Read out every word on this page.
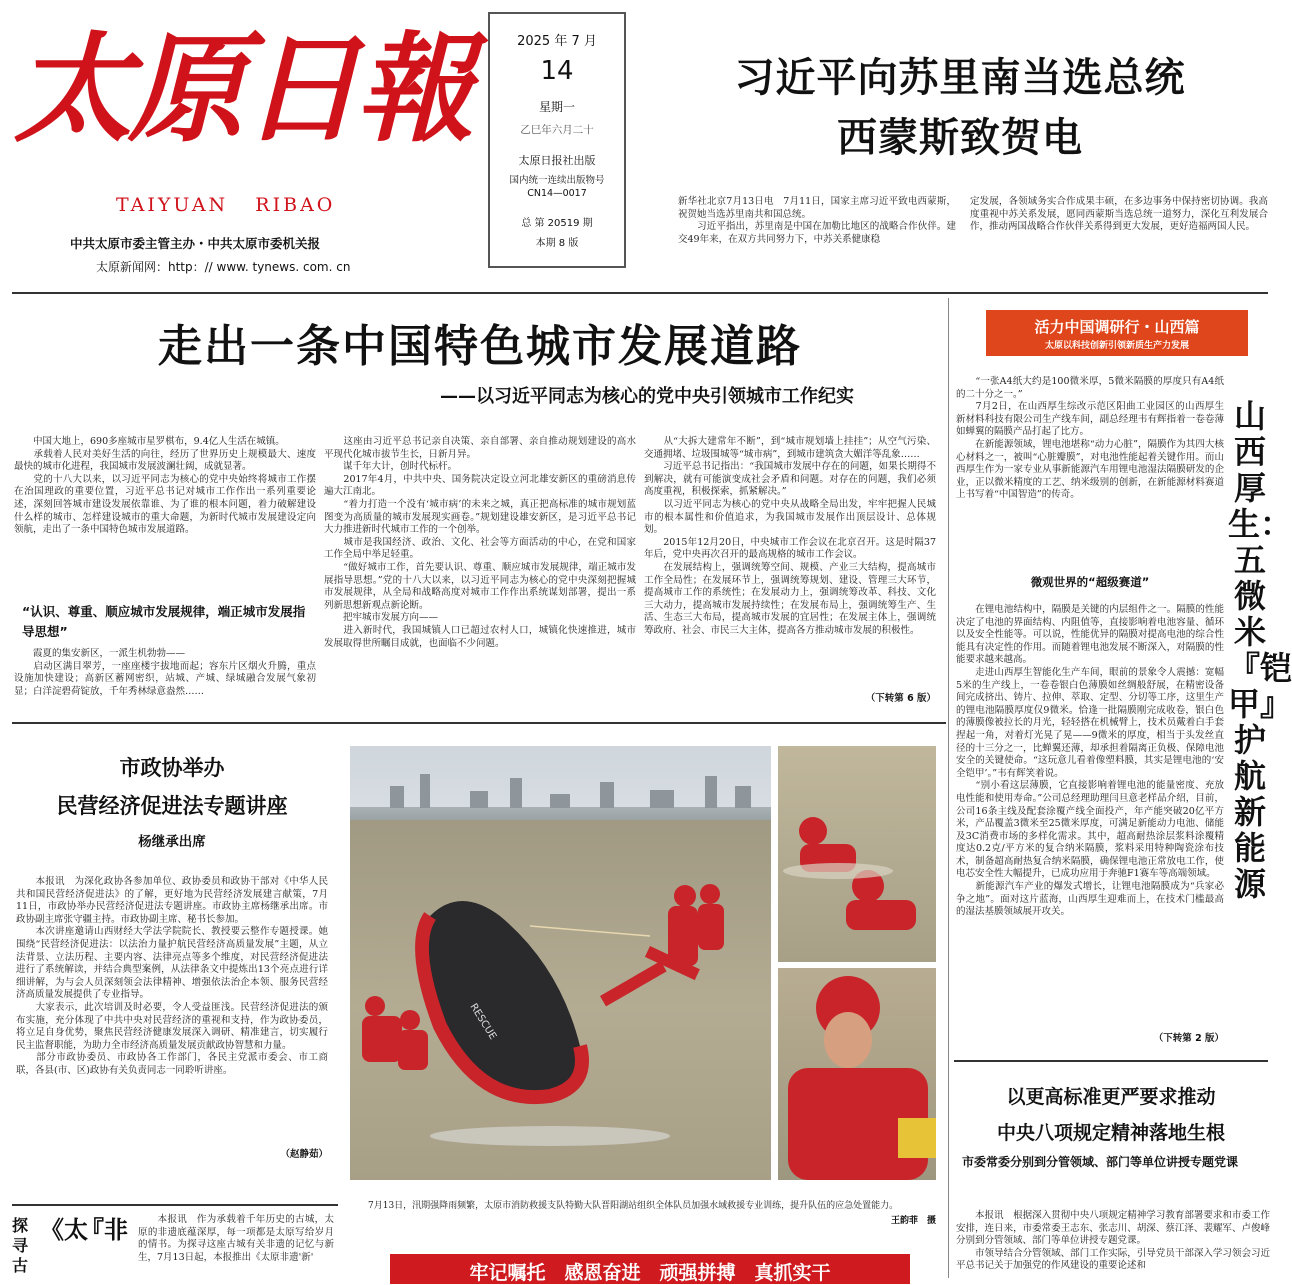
太原日報
TAIYUAN   RIBAO
中共太原市委主管主办・中共太原市委机关报
太原新闻网：http：// www. tynews. com. cn
2025 年 7 月
14
星期一
乙巳年六月二十
太原日报社出版
国内统一连续出版物号
CN14—0017
总 第 20519 期
本期 8 版
习近平向苏里南当选总统
西蒙斯致贺电
新华社北京7月13日电　7月11日，国家主席习近平致电西蒙斯，祝贺她当选苏里南共和国总统。
　　习近平指出，苏里南是中国在加勒比地区的战略合作伙伴。建交49年来，在双方共同努力下，中苏关系健康稳
定发展，各领域务实合作成果丰硕，在多边事务中保持密切协调。我高度重视中苏关系发展，愿同西蒙斯当选总统一道努力，深化互利发展合作，推动两国战略合作伙伴关系得到更大发展，更好造福两国人民。
走出一条中国特色城市发展道路
——以习近平同志为核心的党中央引领城市工作纪实
　　中国大地上，690多座城市星罗棋布，9.4亿人生活在城镇。
　　承载着人民对美好生活的向往，经历了世界历史上规模最大、速度最快的城市化进程，我国城市发展波澜壮阔，成就显著。
　　党的十八大以来，以习近平同志为核心的党中央始终将城市工作摆在治国理政的重要位置，习近平总书记对城市工作作出一系列重要论述，深刻回答城市建设发展依靠谁、为了谁的根本问题，着力破解建设什么样的城市、怎样建设城市的重大命题，为新时代城市发展建设定向领航，走出了一条中国特色城市发展道路。
“认识、尊重、顺应城市发展规律，端正城市发展指导思想”
　　霞夏的集安新区，一派生机勃勃——
　　启动区满目翠芳，一座座楼宇拔地而起；容东片区烟火升腾，重点设施加快建设；高新区蓄网密织，站城、产城、绿城融合发展气象初显；白洋淀碧荷锭放，千年秀林绿意盎然……
　　这座由习近平总书记亲自决策、亲自部署、亲自推动规划建设的高水平现代化城市拔节生长，日新月异。
　　谋千年大计，创时代标杆。
　　2017年4月，中共中央、国务院决定设立河北雄安新区的重磅消息传遍大江南北。
　　“着力打造一个没有‘城市病’的未来之城，真正把高标准的城市规划蓝图变为高质量的城市发展现实画卷。”规划建设雄安新区，是习近平总书记大力推进新时代城市工作的一个创举。
　　城市是我国经济、政治、文化、社会等方面活动的中心，在党和国家工作全局中举足轻重。
　　“做好城市工作，首先要认识、尊重、顺应城市发展规律，端正城市发展指导思想。”党的十八大以来，以习近平同志为核心的党中央深刻把握城市发展规律，从全局和战略高度对城市工作作出系统谋划部署，提出一系列新思想新观点新论断。
　　把牢城市发展方向——
　　进入新时代，我国城镇人口已超过农村人口，城镇化快速推进，城市发展取得世所瞩目成就，也面临不少问题。
　　从“大拆大建常年不断”，到“城市规划墙上挂挂”；从空气污染、交通拥堵、垃圾围城等“城市病”，到城市建筑贪大媚洋等乱象……
　　习近平总书记指出：“我国城市发展中存在的问题，如果长期得不到解决，就有可能演变成社会矛盾和问题。对存在的问题，我们必须高度重视，积极探索，抓紧解决。”
　　以习近平同志为核心的党中央从战略全局出发，牢牢把握人民城市的根本属性和价值追求，为我国城市发展作出顶层设计、总体规划。
　　2015年12月20日，中央城市工作会议在北京召开。这是时隔37年后，党中央再次召开的最高规格的城市工作会议。
　　在发展结构上，强调统筹空间、规模、产业三大结构，提高城市工作全局性；在发展环节上，强调统筹规划、建设、管理三大环节，提高城市工作的系统性；在发展动力上，强调统筹改革、科技、文化三大动力，提高城市发展持续性；在发展布局上，强调统筹生产、生活、生态三大布局，提高城市发展的宜居性；在发展主体上，强调统筹政府、社会、市民三大主体，提高各方推动城市发展的积极性。
（下转第 6 版）
市政协举办
民营经济促进法专题讲座
杨继承出席
　　本报讯　为深化政协各参加单位、政协委员和政协干部对《中华人民共和国民营经济促进法》的了解，更好地为民营经济发展建言献策，7月11日，市政协举办民营经济促进法专题讲座。市政协主席杨继承出席。市政协副主席张守疆主持。市政协副主席、秘书长参加。
　　本次讲座邀请山西财经大学法学院院长、教授要云整作专题授课。她围绕“民营经济促进法：以法治力量护航民营经济高质量发展”主题，从立法背景、立法历程、主要内容、法律亮点等多个维度，对民营经济促进法进行了系统解读，并结合典型案例，从法律条文中提炼出13个亮点进行详细讲解，为与会人员深刻领会法律精神、增强依法治企本领、服务民营经济高质量发展提供了专业指导。
　　大家表示，此次培训及时必要，令人受益匪浅。民营经济促进法的颁布实施，充分体现了中共中央对民营经济的重视和支持，作为政协委员，将立足自身优势，聚焦民营经济健康发展深入调研、精准建言，切实履行民主监督职能，为助力全市经济高质量发展贡献政协智慧和力量。
　　部分市政协委员、市政协各工作部门，各民主党派市委会、市工商联，各县(市、区)政协有关负责同志一同聆听讲座。
（赵静茹）
RESCUE
　　7月13日，汛期强降雨频繁，太原市消防救援支队特勤大队晋阳湖站组织全体队员加强水域救援专业训练，提升队伍的应急处置能力。
王韵菲　摄
活力中国调研行・山西篇
太原以科技创新引领新质生产力发展
　　“一张A4纸大约是100微米厚，5微米隔膜的厚度只有A4纸的二十分之一。”
　　7月2日，在山西厚生综改示范区阳曲工业园区的山西厚生新材料科技有限公司生产线车间，副总经理韦有辉指着一卷卷薄如蝉翼的隔膜产品打起了比方。
　　在新能源领域，锂电池堪称“动力心脏”，隔膜作为其四大核心材料之一，被叫“心脏瓣膜”，对电池性能起着关键作用。而山西厚生作为一家专业从事新能源汽车用锂电池湿法隔膜研发的企业，正以微米精度的工艺、纳米级别的创新，在新能源材料赛道上书写着“中国智造”的传奇。
微观世界的“超级赛道”
　　在锂电池结构中，隔膜是关键的内层组件之一。隔膜的性能决定了电池的界面结构、内阻值等，直接影响着电池容量、循环以及安全性能等。可以说，性能优异的隔膜对提高电池的综合性能具有决定性的作用。而随着锂电池发展不断深入，对隔膜的性能要求越来越高。
　　走进山西厚生智能化生产车间，眼前的景象令人震撼：宽幅5米的生产线上，一卷卷银白色薄膜如丝绸般舒展，在精密设备间完成挤出、铸片、拉伸、萃取、定型、分切等工序，这里生产的锂电池隔膜厚度仅9微米。恰逢一批隔膜刚完成收卷，银白色的薄膜像被拉长的月光，轻轻搭在机械臂上，技术员戴着白手套捏起一角，对着灯光晃了晃——9微米的厚度，相当于头发丝直径的十三分之一，比蝉翼还薄，却承担着隔离正负极、保障电池安全的关键使命。“这玩意儿看着像塑料膜，其实是锂电池的‘安全铠甲’。”韦有辉笑着说。
　　“别小看这层薄膜，它直接影响着锂电池的能量密度、充放电性能和使用寿命。”公司总经理助理闫旦意老样品介绍，目前，公司16条主线及配套涂覆产线全面投产，年产能突破20亿平方米，产品覆盖3微米至25微米厚度，可满足新能动力电池、储能及3C消费市场的多样化需求。其中，超高耐热涂层浆料涂覆精度达0.2克/平方米的复合纳米隔膜，浆料采用特种陶瓷涂布技术，制备超高耐热复合纳米隔膜，确保锂电池正常放电工作，使电芯安全性大幅提升，已成功应用于奔驰F1赛车等高端领域。
　　新能源汽车产业的爆发式增长，让锂电池隔膜成为“兵家必争之地”。面对这片蓝海，山西厚生迎难而上，在技术门槛最高的湿法基膜领域展开攻关。
（下转第 2 版）
山西厚生：五微米『铠甲』护航新能源
以更高标准更严要求推动
中央八项规定精神落地生根
市委常委分别到分管领域、部门等单位讲授专题党课
　　本报讯　根据深入贯彻中央八项规定精神学习教育部署要求和市委工作安排，连日来，市委常委王志东、张志川、胡深、蔡江泽、裴耀军、卢俊峰分别到分管领域、部门等单位讲授专题党课。
　　市领导结合分管领域、部门工作实际，引导党员干部深入学习领会习近平总书记关于加强党的作风建设的重要论述和
探寻古
《太
『非 　　本报讯　作为承载着千年历史的古城，太原的非遗底蕴深厚，每一项都是太原写给岁月的情书。为探寻这座古城有关非遗的记忆与新生，7月13日起，本报推出《太原非遗'新'
牢记嘱托　感恩奋进　顽强拼搏　真抓实干
